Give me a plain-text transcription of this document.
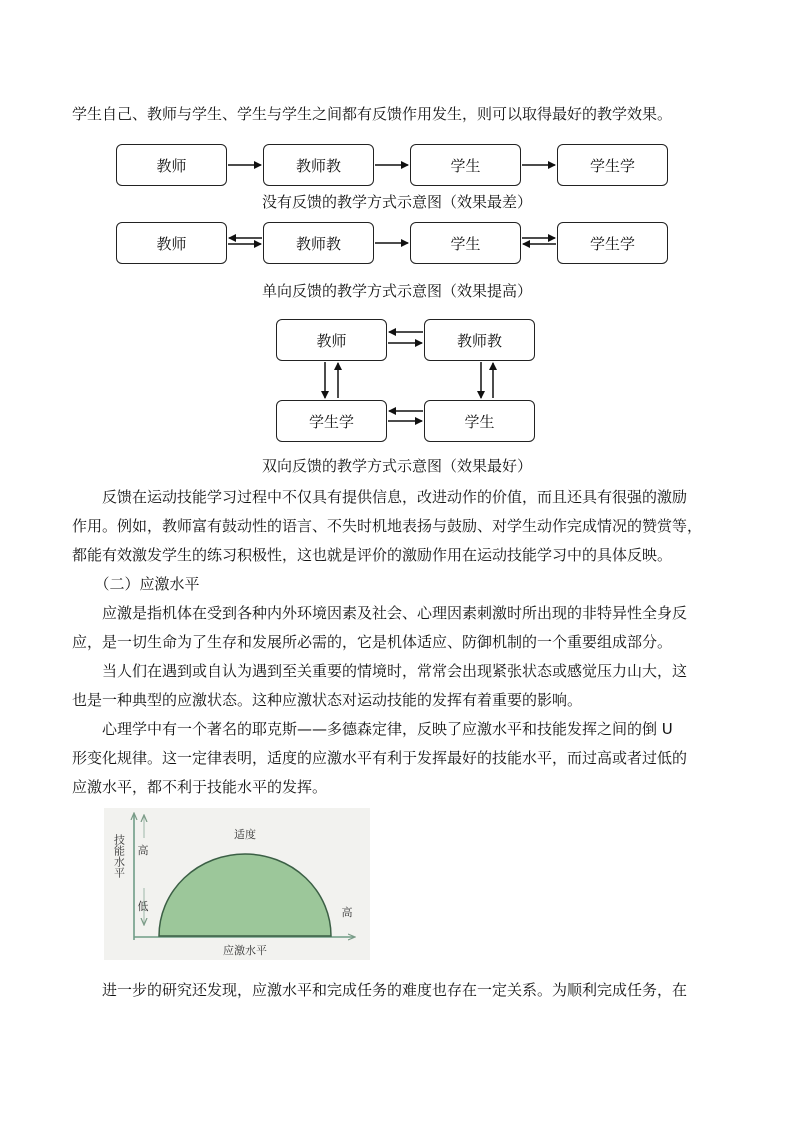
学生自己、教师与学生、学生与学生之间都有反馈作用发生，则可以取得最好的教学效果。
教师	教师教	学生	学生学
没有反馈的教学方式示意图（效果最差）
教师	教师教	学生	学生学
单向反馈的教学方式示意图（效果提高）
教师	教师教
学生学	学生
双向反馈的教学方式示意图（效果最好）
　　反馈在运动技能学习过程中不仅具有提供信息，改进动作的价值，而且还具有很强的激励
作用。例如，教师富有鼓动性的语言、不失时机地表扬与鼓励、对学生动作完成情况的赞赏等，
都能有效激发学生的练习积极性，这也就是评价的激励作用在运动技能学习中的具体反映。
　　（二）应激水平
　　应激是指机体在受到各种内外环境因素及社会、心理因素刺激时所出现的非特异性全身反
应，是一切生命为了生存和发展所必需的，它是机体适应、防御机制的一个重要组成部分。
　　当人们在遇到或自认为遇到至关重要的情境时，常常会出现紧张状态或感觉压力山大，这
也是一种典型的应激状态。这种应激状态对运动技能的发挥有着重要的影响。
　　心理学中有一个著名的耶克斯——多德森定律，反映了应激水平和技能发挥之间的倒 U
形变化规律。这一定律表明，适度的应激水平有利于发挥最好的技能水平，而过高或者过低的
应激水平，都不利于技能水平的发挥。
适度
高
低	高
应激水平
技能水平
　　进一步的研究还发现，应激水平和完成任务的难度也存在一定关系。为顺利完成任务，在
